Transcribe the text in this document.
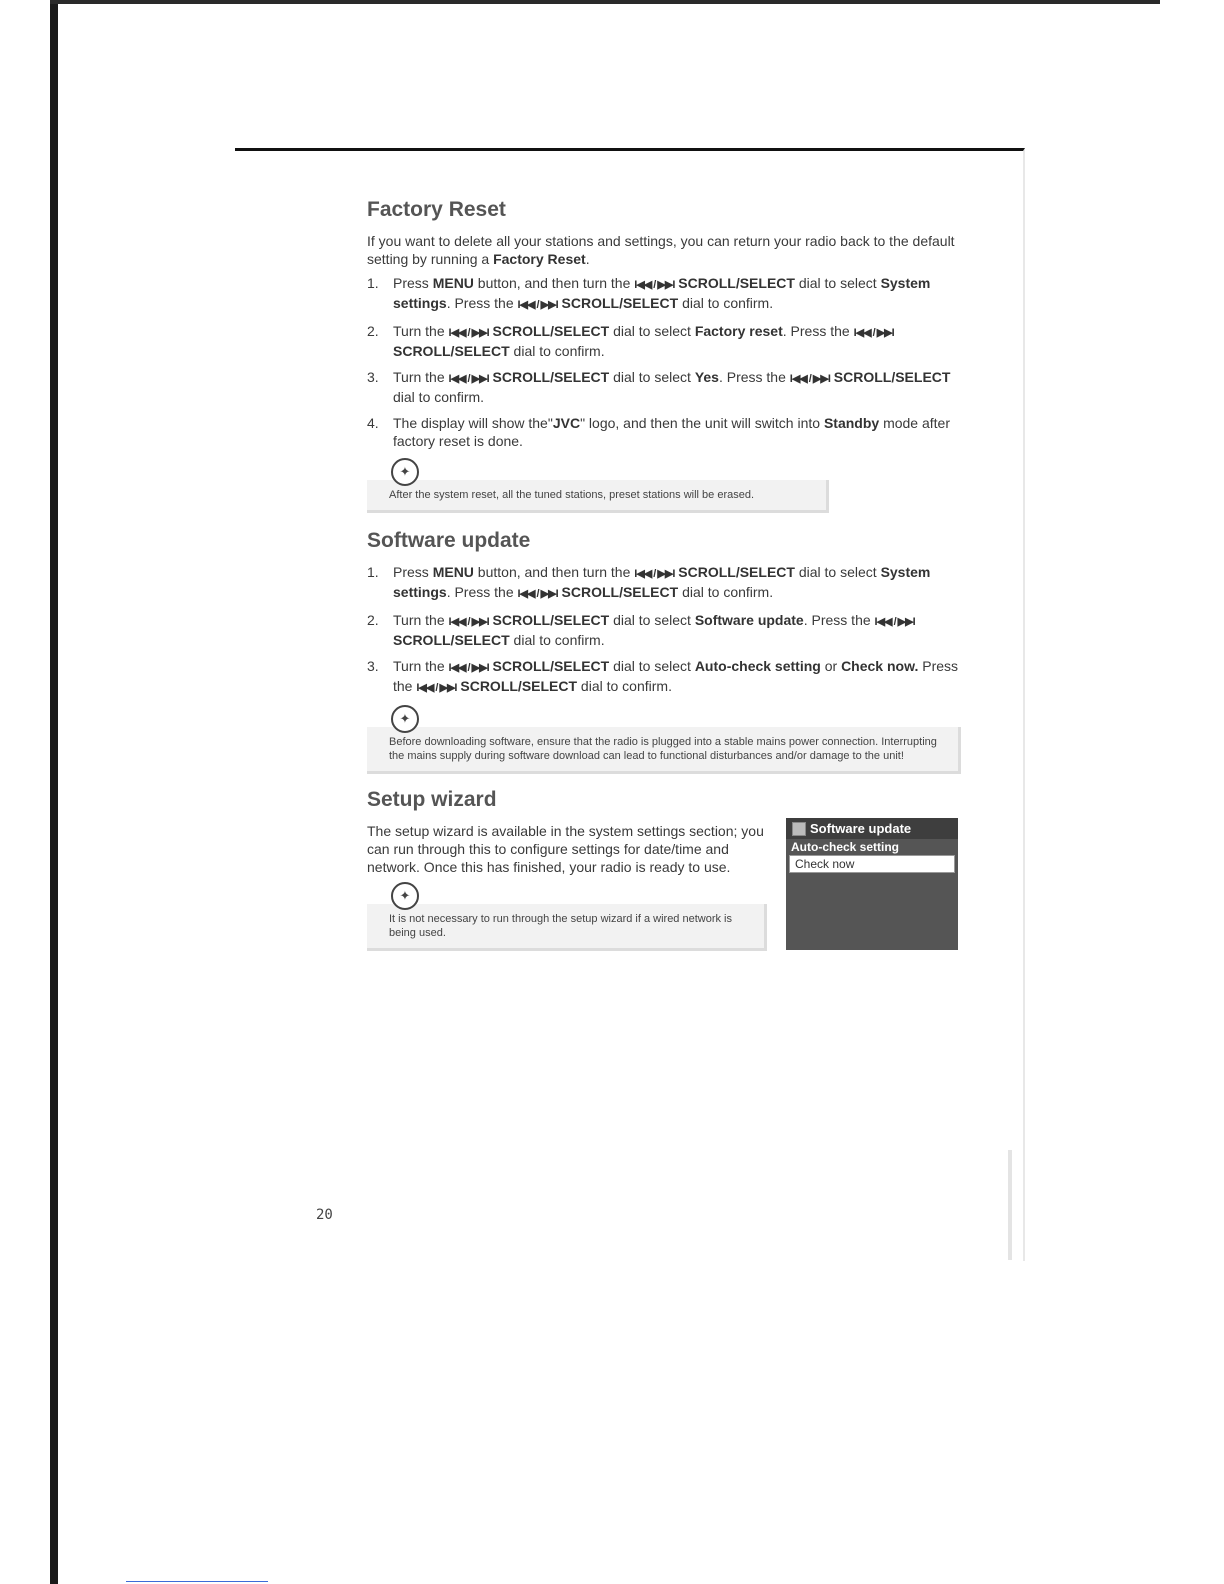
Factory Reset

If you want to delete all your stations and settings, you can return your radio back to the default setting by running a Factory Reset.

1. Press MENU button, and then turn the I◀◀ / ▶▶I SCROLL/SELECT dial to select System settings. Press the I◀◀ / ▶▶I SCROLL/SELECT dial to confirm.
2. Turn the I◀◀ / ▶▶I SCROLL/SELECT dial to select Factory reset. Press the I◀◀ / ▶▶I SCROLL/SELECT dial to confirm.
3. Turn the I◀◀ / ▶▶I SCROLL/SELECT dial to select Yes. Press the I◀◀ / ▶▶I SCROLL/SELECT dial to confirm.
4. The display will show the"JVC" logo, and then the unit will switch into Standby mode after factory reset is done.
✦
After the system reset, all the tuned stations, preset stations will be erased.
Software update
1. Press MENU button, and then turn the I◀◀ / ▶▶I SCROLL/SELECT dial to select System settings. Press the I◀◀ / ▶▶I SCROLL/SELECT dial to confirm.
2. Turn the I◀◀ / ▶▶I SCROLL/SELECT dial to select Software update. Press the I◀◀ / ▶▶I SCROLL/SELECT dial to confirm.
3. Turn the I◀◀ / ▶▶I SCROLL/SELECT dial to select Auto-check setting or Check now. Press the I◀◀ / ▶▶I SCROLL/SELECT dial to confirm.
✦
Before downloading software, ensure that the radio is plugged into a stable mains power connection. Interrupting the mains supply during software download can lead to functional disturbances and/or damage to the unit!
Setup wizard

The setup wizard is available in the system settings section; you can run through this to configure settings for date/time and network. Once this has finished, your radio is ready to use.

✦
It is not necessary to run through the setup wizard if a wired network is being used.
Software update
Auto-check setting
Check now
20
